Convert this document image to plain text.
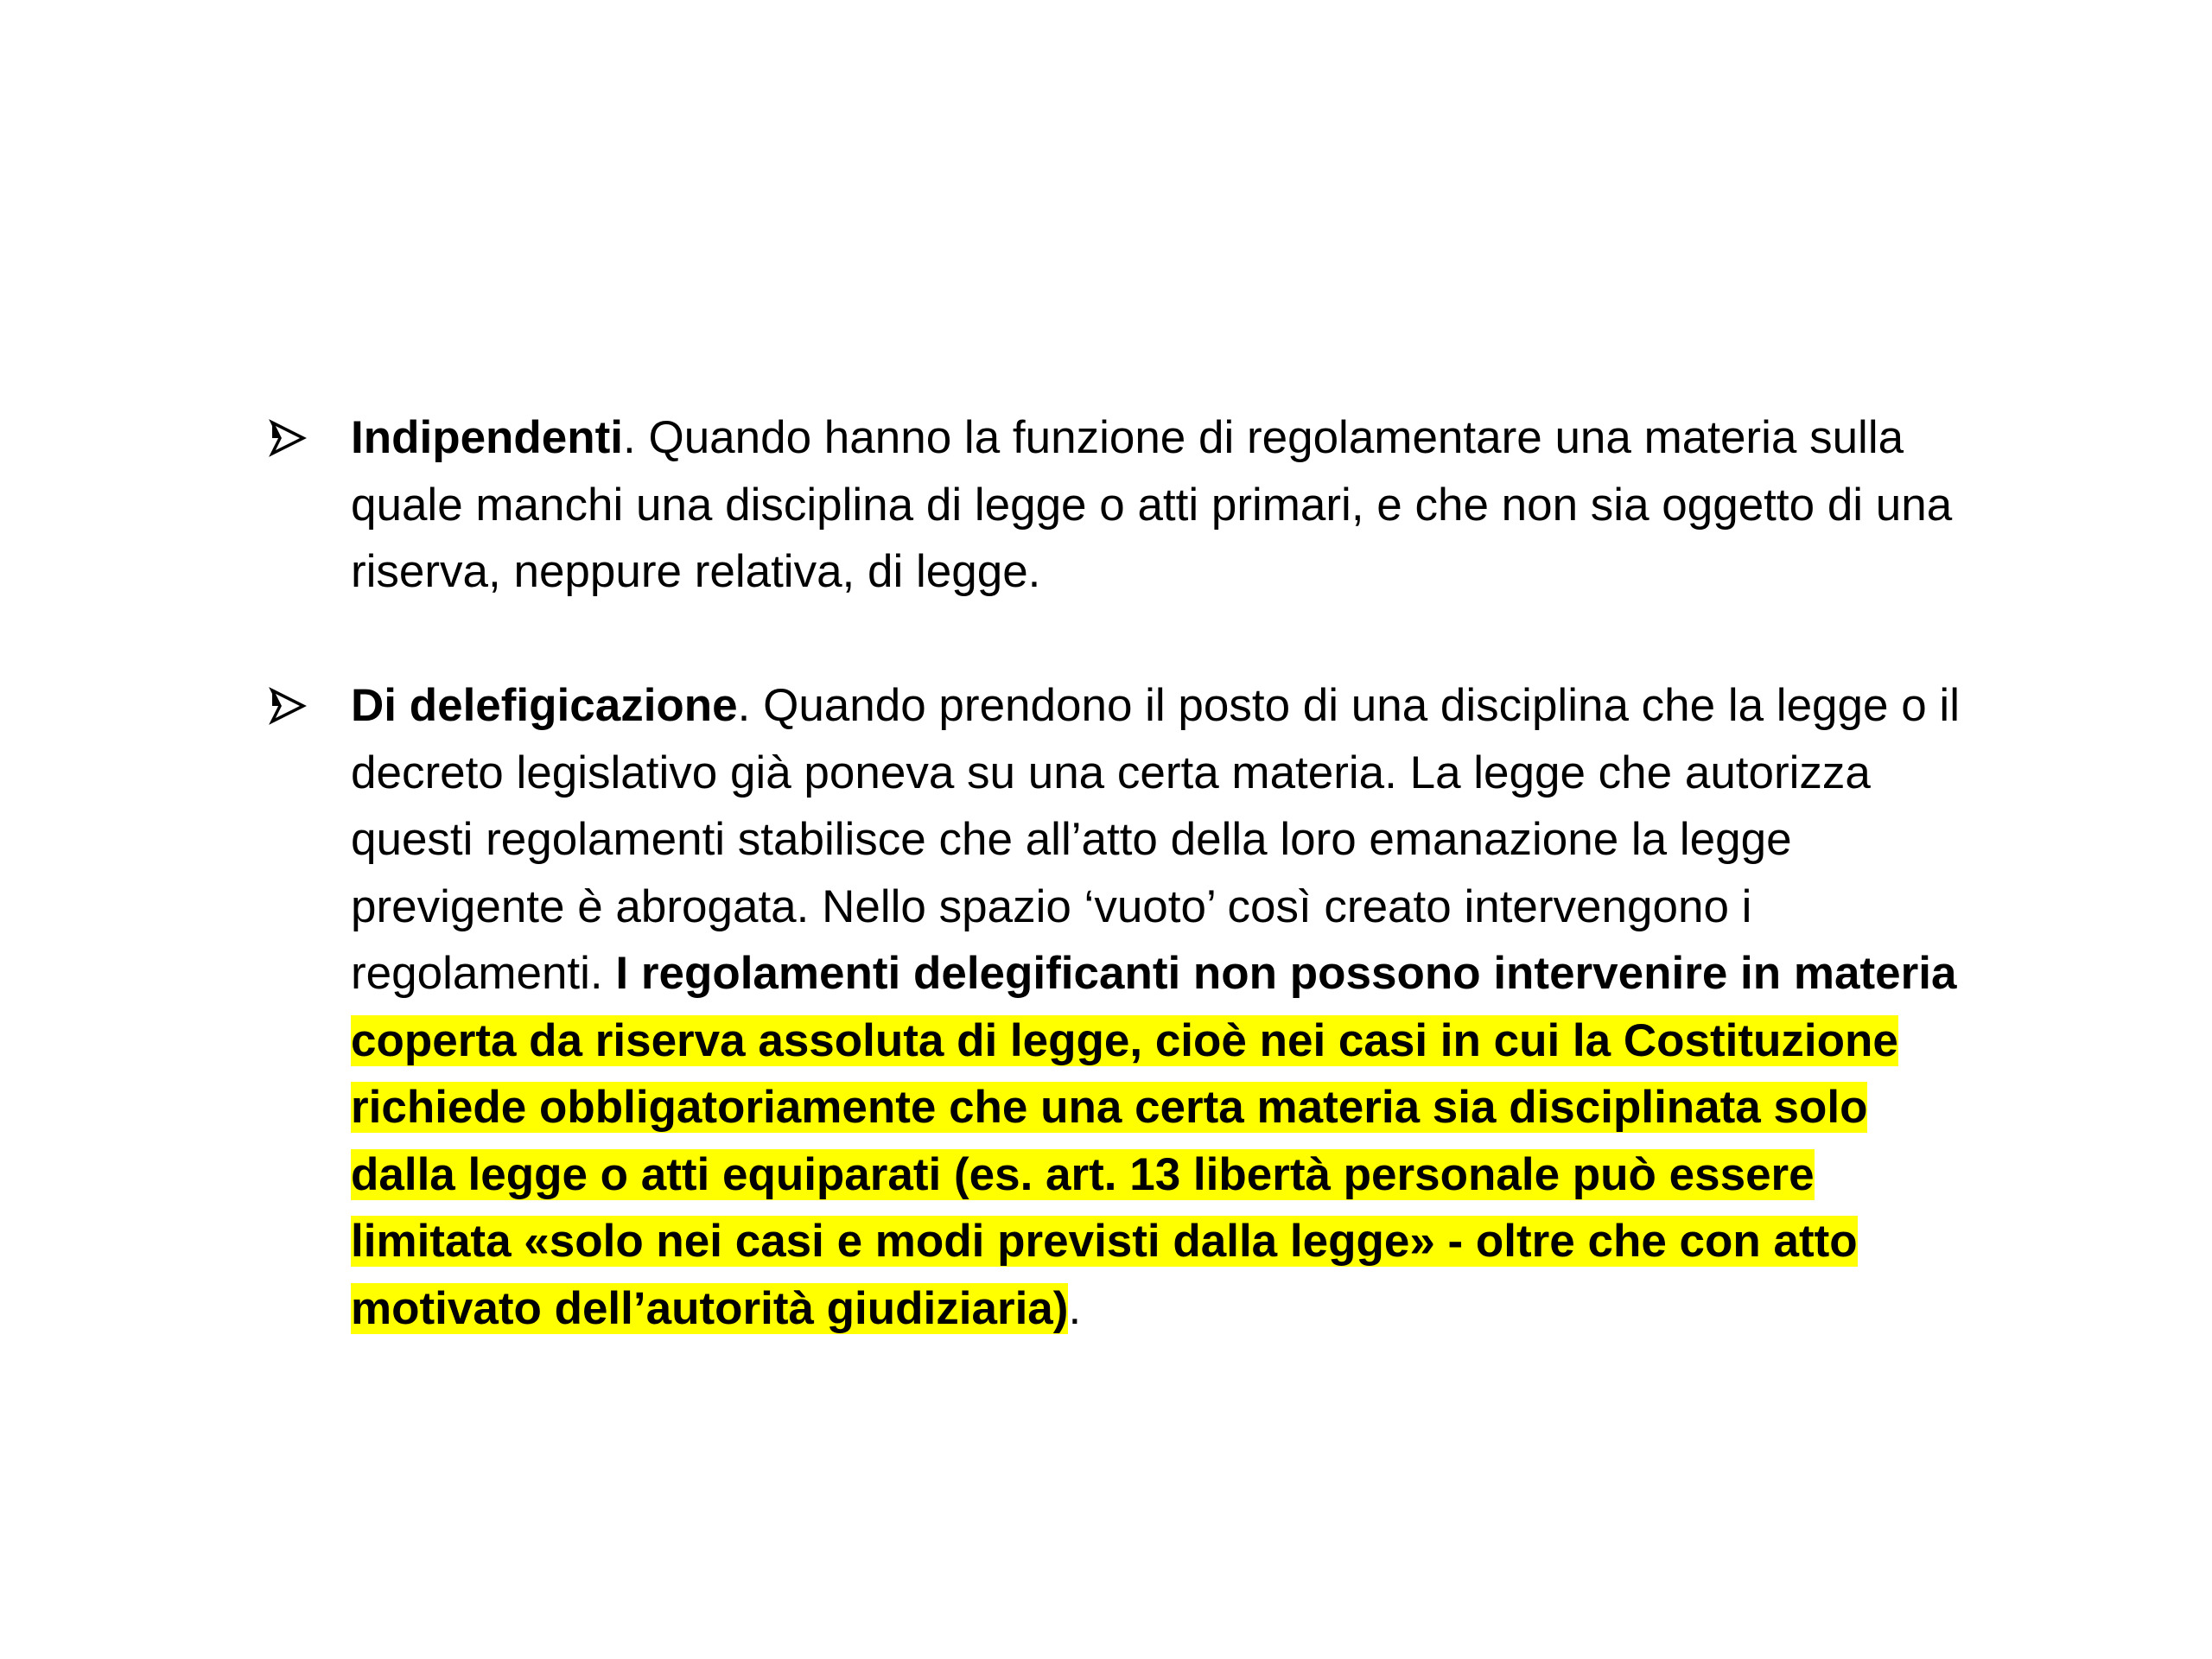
Indipendenti. Quando hanno la funzione di regolamentare una materia sulla quale manchi una disciplina di legge o atti primari, e che non sia oggetto di una riserva, neppure relativa, di legge.
Di delefigicazione. Quando prendono il posto di una disciplina che la legge o il decreto legislativo già poneva su una certa materia. La legge che autorizza questi regolamenti stabilisce che all’atto della loro emanazione la legge previgente è abrogata. Nello spazio ‘vuoto’ così creato intervengono i regolamenti. I regolamenti delegificanti non possono intervenire in materia coperta da riserva assoluta di legge, cioè nei casi in cui la Costituzione richiede obbligatoriamente che una certa materia sia disciplinata solo dalla legge o atti equiparati (es. art. 13 libertà personale può essere limitata «solo nei casi e modi previsti dalla legge» - oltre che con atto motivato dell’autorità giudiziaria).
